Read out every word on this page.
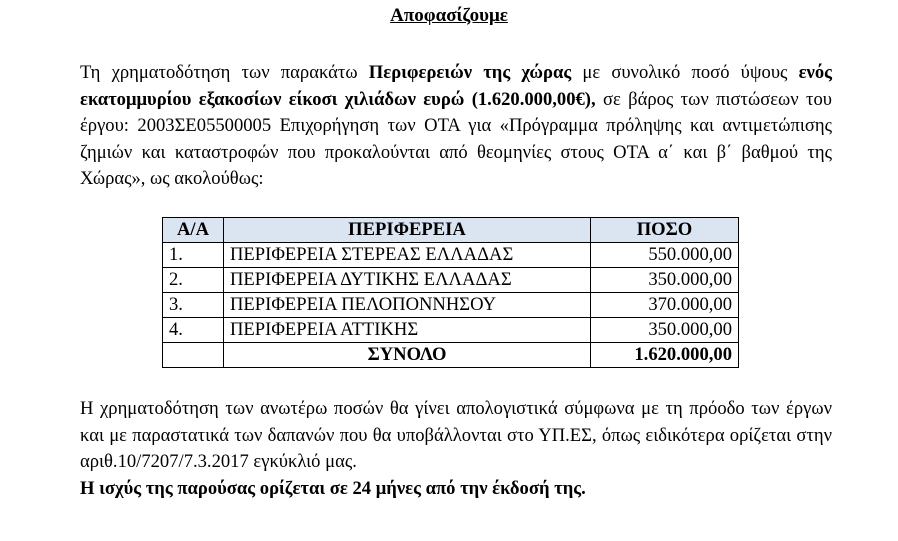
Αποφασίζουμε

Τη χρηματοδότηση των παρακάτω Περιφερειών της χώρας με συνολικό ποσό ύψους ενός εκατομμυρίου εξακοσίων είκοσι χιλιάδων ευρώ (1.620.000,00€), σε βάρος των πιστώσεων του έργου: 2003ΣΕ05500005 Επιχορήγηση των ΟΤΑ για «Πρόγραμμα πρόληψης και αντιμετώπισης ζημιών και καταστροφών που προκαλούνται από θεομηνίες στους ΟΤΑ α΄ και β΄ βαθμού της Χώρας», ως ακολούθως:

Α/Α	ΠΕΡΙΦΕΡΕΙΑ	ΠΟΣΟ
1.	ΠΕΡΙΦΕΡΕΙΑ ΣΤΕΡΕΑΣ ΕΛΛΑΔΑΣ	550.000,00
2.	ΠΕΡΙΦΕΡΕΙΑ ΔΥΤΙΚΗΣ ΕΛΛΑΔΑΣ	350.000,00
3.	ΠΕΡΙΦΕΡΕΙΑ ΠΕΛΟΠΟΝΝΗΣΟΥ	370.000,00
4.	ΠΕΡΙΦΕΡΕΙΑ ΑΤΤΙΚΗΣ	350.000,00
	ΣΥΝΟΛΟ	1.620.000,00

Η χρηματοδότηση των ανωτέρω ποσών θα γίνει απολογιστικά σύμφωνα με τη πρόοδο των έργων και με παραστατικά των δαπανών που θα υποβάλλονται στο ΥΠ.ΕΣ, όπως ειδικότερα ορίζεται στην αριθ.10/7207/7.3.2017 εγκύκλιό μας.

Η ισχύς της παρούσας ορίζεται σε 24 μήνες από την έκδοσή της.
